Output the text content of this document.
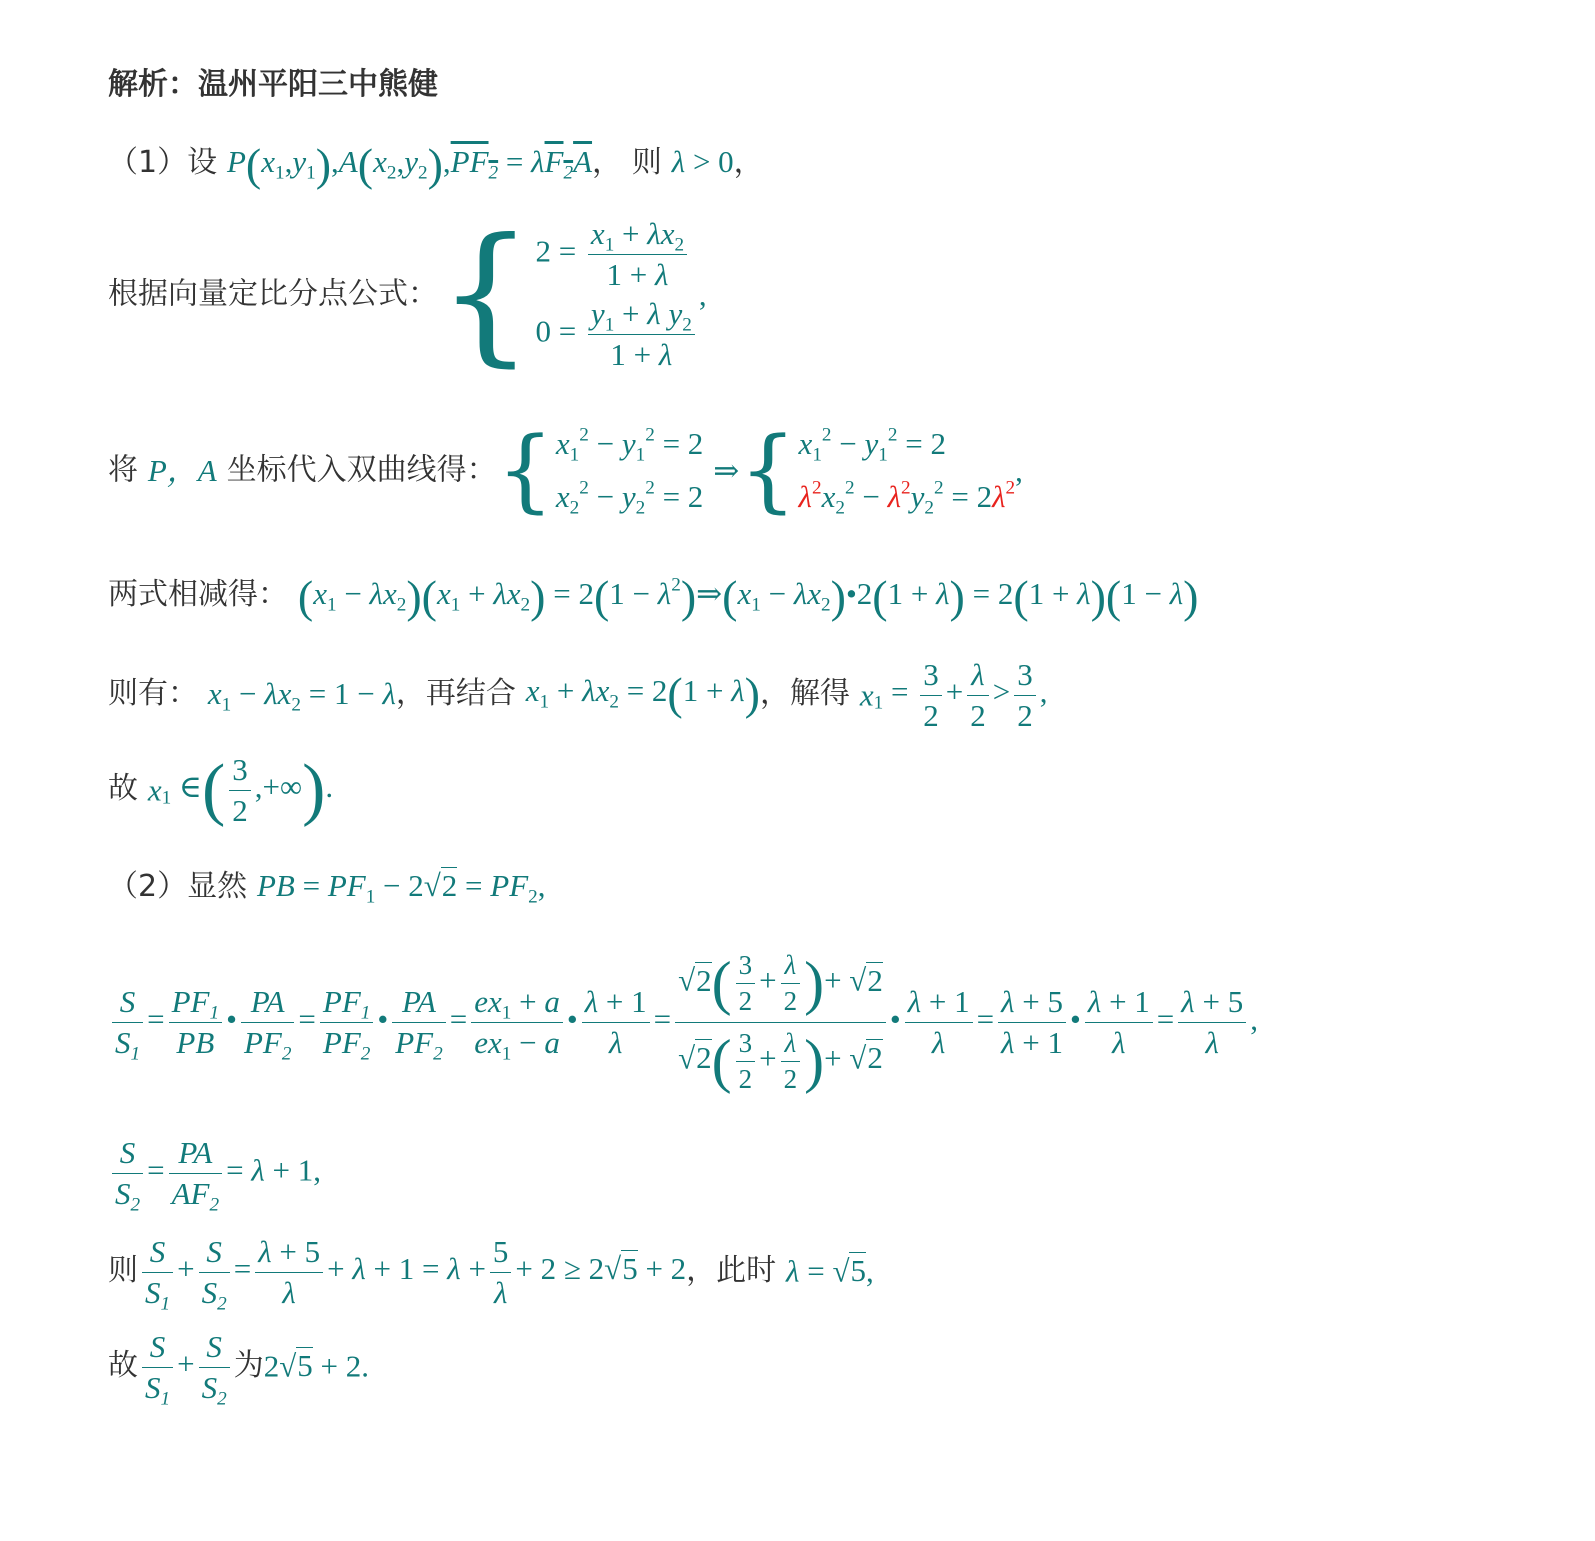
解析：温州平阳三中熊健
（1）设 $P(x_1,y_1),A(x_2,y_2),PF_2 = \lambda F_2A$， 则 λ > 0，
根据向量定比分点公式：{ $2 = \frac{x_1 + \lambda x_2}{1 + \lambda}$
$0 = \frac{y_1 + \lambda y_2}{1 + \lambda}$ ,
将 P，A 坐标代入双曲线得：{ $x_1^2 - y_1^2 = 2$
$x_2^2 - y_2^2 = 2$
⇒{ $x_1^2 - y_1^2 = 2$
$\lambda^2x_2^2 - \lambda^2y_2^2 = 2\lambda^2$ ,
两式相减得： $(x_1 - \lambda x_2)(x_1 + \lambda x_2) = 2(1$ − $\lambda^2)\Rightarrow(x_1$ − $\lambda x_2)•2(1 + \lambda) = 2(1 + \lambda)(1 - \lambda)$
则有： $x_1 - \lambda x_2 = 1 - \lambda$，再结合 $x_1 + \lambda x_2 = 2(1 + \lambda)$，解得 $x_1 = \frac{3}{2} + \frac{\lambda}{2} > \frac{3}{2}$ ,
故 $x_1$ ∈( $\frac{3}{2}$ ,+∞).
（2）显然 PB = $PF_1 - 2√2 = PF_2$,
$\frac{S}{S_1} = \frac{PF_1}{PB}$ • $\frac{PA}{PF_2} = \frac{PF_1}{PF_2}$ • $\frac{PA}{PF_2} = \frac{ex_1 + a}{ex_1 - a}$ • $\frac{\lambda + 1}{\lambda} = \frac{√2( \frac{3}{2} + \frac{\lambda}{2} )+ √2}{√2( \frac{3}{2} + \frac{\lambda}{2} )+ √2}$ • $\frac{\lambda + 1}{\lambda} = \frac{\lambda + 5}{\lambda + 1}$ • $\frac{\lambda + 1}{\lambda} = \frac{\lambda + 5}{\lambda}$ ,
$\frac{S}{S_2} = \frac{PA}{AF_2} = \lambda + 1$,
则 $\frac{S}{S_1} + \frac{S}{S_2} = \frac{\lambda + 5}{\lambda} + \lambda + 1 = \lambda + \frac{5}{\lambda} + 2 \ge 2√5 + 2$，此时 λ = √5,
故 $\frac{S}{S_1} + \frac{S}{S_2}$ 为2√5 + 2.
